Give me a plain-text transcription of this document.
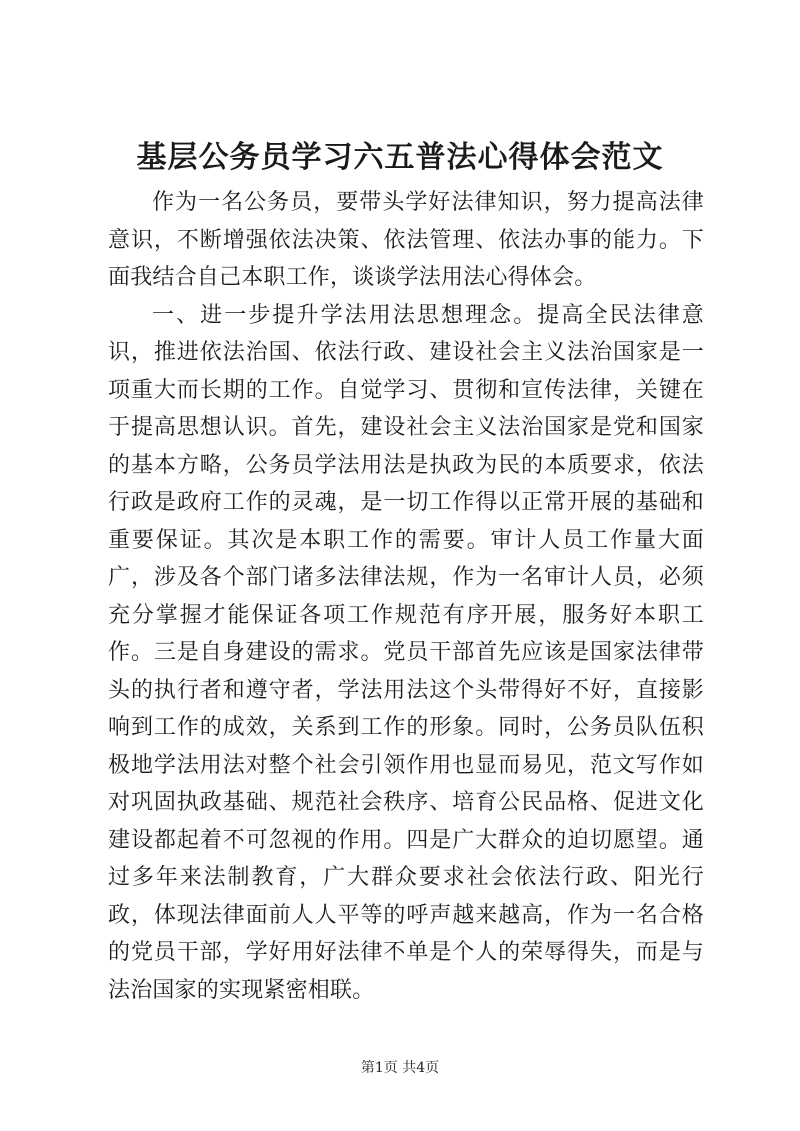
基层公务员学习六五普法心得体会范文

作为一名公务员，要带头学好法律知识，努力提高法律意识，不断增强依法决策、依法管理、依法办事的能力。下面我结合自己本职工作，谈谈学法用法心得体会。

一、进一步提升学法用法思想理念。提高全民法律意识，推进依法治国、依法行政、建设社会主义法治国家是一项重大而长期的工作。自觉学习、贯彻和宣传法律，关键在于提高思想认识。首先，建设社会主义法治国家是党和国家的基本方略，公务员学法用法是执政为民的本质要求，依法行政是政府工作的灵魂，是一切工作得以正常开展的基础和重要保证。其次是本职工作的需要。审计人员工作量大面广，涉及各个部门诸多法律法规，作为一名审计人员，必须充分掌握才能保证各项工作规范有序开展，服务好本职工作。三是自身建设的需求。党员干部首先应该是国家法律带头的执行者和遵守者，学法用法这个头带得好不好，直接影响到工作的成效，关系到工作的形象。同时，公务员队伍积极地学法用法对整个社会引领作用也显而易见，范文写作如对巩固执政基础、规范社会秩序、培育公民品格、促进文化建设都起着不可忽视的作用。四是广大群众的迫切愿望。通过多年来法制教育，广大群众要求社会依法行政、阳光行政，体现法律面前人人平等的呼声越来越高，作为一名合格的党员干部，学好用好法律不单是个人的荣辱得失，而是与法治国家的实现紧密相联。

第1页 共4页
